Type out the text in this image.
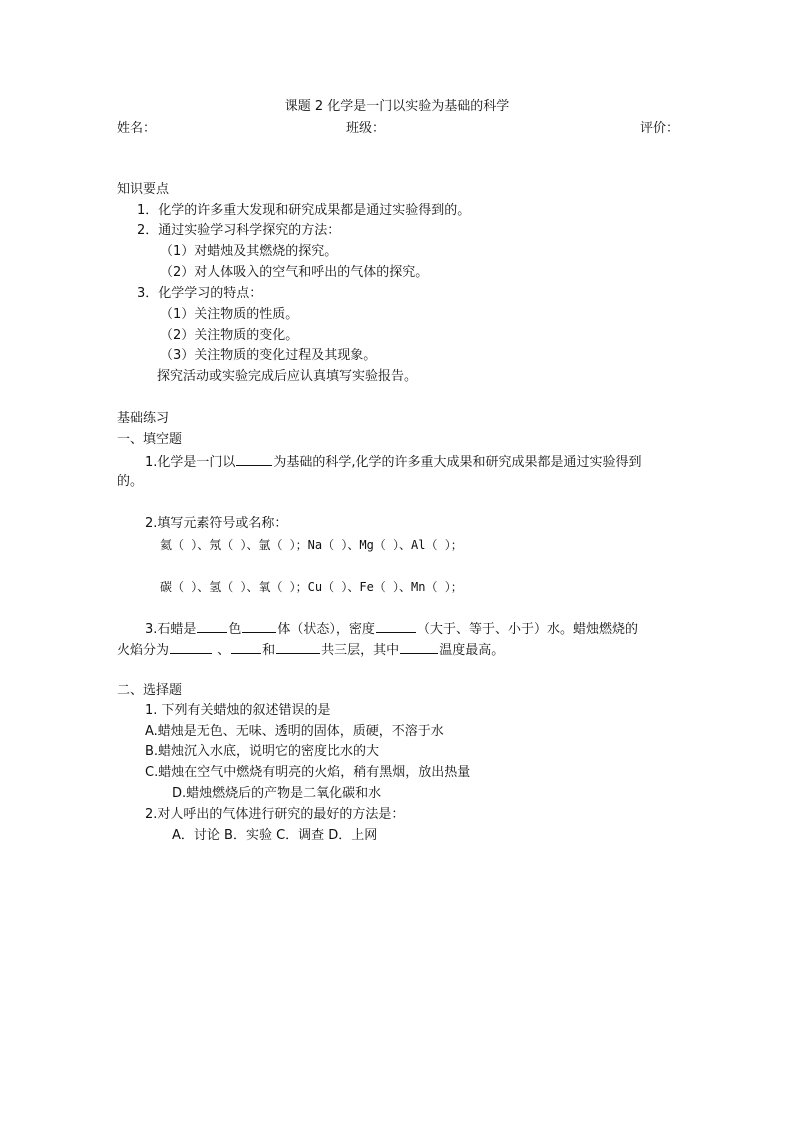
课题 2 化学是一门以实验为基础的科学
姓名：	班级：	评价：
知识要点
1．化学的许多重大发现和研究成果都是通过实验得到的。
2．通过实验学习科学探究的方法：
（1）对蜡烛及其燃烧的探究。
（2）对人体吸入的空气和呼出的气体的探究。
3．化学学习的特点：
（1）关注物质的性质。
（2）关注物质的变化。
（3）关注物质的变化过程及其现象。
探究活动或实验完成后应认真填写实验报告。
基础练习
一、填空题
1.化学是一门以	为基础的科学,化学的许多重大成果和研究成果都是通过实验得到
的。
2.填写元素符号或名称：
氦（ ）、氖（ ）、氩（ ）；Na（ ）、Mg（ ）、Al（ ）；
碳（ ）、氢（ ）、氧（ ）；Cu（ ）、Fe（ ）、Mn（ ）；
3.石蜡是 色	体（状态），密度	（大于、等于、小于）水。蜡烛燃烧的
火焰分为	、 和	共三层，其中	温度最高。
二、选择题
1. 下列有关蜡烛的叙述错误的是
A.蜡烛是无色、无味、透明的固体，质硬，不溶于水
B.蜡烛沉入水底，说明它的密度比水的大
C.蜡烛在空气中燃烧有明亮的火焰，稍有黑烟，放出热量
D.蜡烛燃烧后的产物是二氧化碳和水
2.对人呼出的气体进行研究的最好的方法是：
A．讨论 B．实验 C．调查 D．上网
